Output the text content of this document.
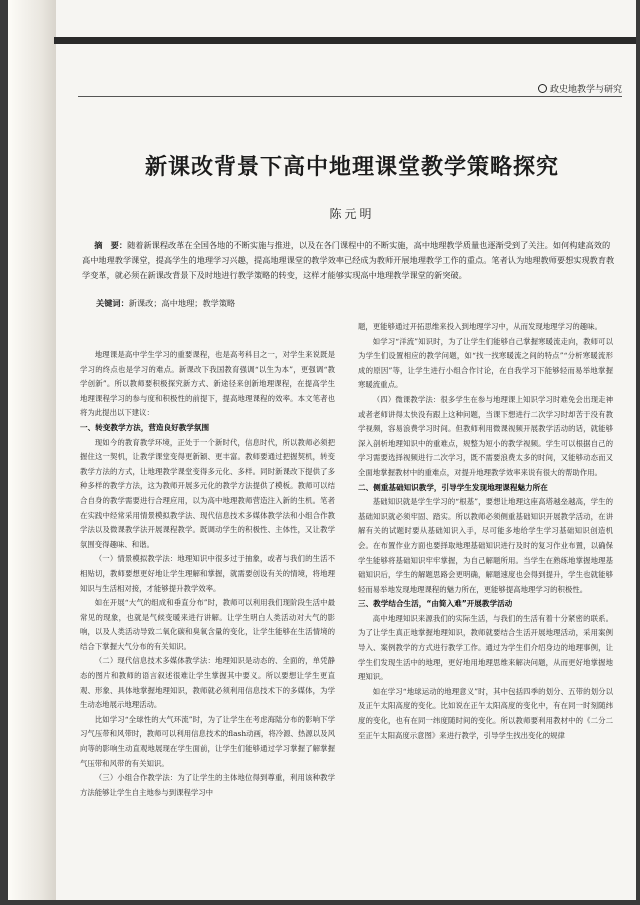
政史地教学与研究
新课改背景下高中地理课堂教学策略探究
陈元明
摘　要：随着新课程改革在全国各地的不断实施与推进，以及在各门课程中的不断实施，高中地理教学质量也逐渐受到了关注。如何构建高效的高中地理教学课堂，提高学生的地理学习兴趣，提高地理课堂的教学效率已经成为教师开展地理教学工作的重点。笔者认为地理教师要想实现教育教学变革，就必须在新课改背景下及时地进行教学策略的转变，这样才能够实现高中地理教学课堂的新突破。
关键词：新课改；高中地理；教学策略

地理课是高中学生学习的重要课程，也是高考科目之一，对学生来说既是学习的终点也是学习的难点。新课改下我国教育强调“以生为本”，更强调“教学创新”。所以教师要积极探究新方式、新途径来创新地理课程，在提高学生地理课程学习的参与度和积极性的前提下，提高地理课程的效率。本文笔者也将为此提出以下建议：

一、转变教学方法，营造良好教学氛围

现如今的教育教学环境，正处于一个新时代，信息时代，所以教师必须把握住这一契机，让教学课堂变得更新颖、更丰富。教师要通过把握契机，转变教学方法的方式，让地理教学课堂变得多元化、多样。同时新课改下提供了多种多样的教学方法，这为教师开展多元化的教学方法提供了模板。教师可以结合自身的教学需要进行合理应用，以为高中地理教师营造注入新的生机。笔者在实践中经常采用情景模拟教学法、现代信息技术多媒体教学法和小组合作教学法以及微课教学法开展课程教学。既调动学生的积极性、主体性，又让教学氛围变得趣味、和谐。

（一）情景模拟教学法：地理知识中很多过于抽象，或者与我们的生活不相贴切，教师要想更好地让学生理解和掌握，就需要创设有关的情境，将地理知识与生活相对接，才能够提升教学效率。

如在开展“大气的组成和垂直分布”时，教师可以利用我们现阶段生活中最常见的现象，也就是气候变暖来进行讲解。让学生明白人类活动对大气的影响，以及人类活动导致二氧化碳和臭氧含量的变化，让学生能够在生活情境的结合下掌握大气分布的有关知识。

（二）现代信息技术多媒体教学法：地理知识是动态的、全面的，单凭静态的图片和教师的语言叙述很难让学生掌握其中要义。所以要想让学生更直观、形象、具体地掌握地理知识，教师就必须利用信息技术下的多媒体，为学生动态地展示地理活动。

比如学习“全球性的大气环流”时，为了让学生在考虑海陆分布的影响下学习气压带和风带时，教师可以利用信息技术的flash动画，将冷源、热源以及风向等的影响生动直观地展现在学生面前，让学生们能够通过学习掌握了解掌握气压带和风带的有关知识。

（三）小组合作教学法：为了让学生的主体地位得到尊重，利用该种教学方法能够让学生自主地参与到课程学习中

题，更能够通过开拓思维来投入到地理学习中，从而发现地理学习的趣味。

如学习“洋流”知识时，为了让学生们能够自己掌握寒暖流走向，教师可以为学生们设置相应的教学问题，如“找一找寒暖流之间的特点”“分析寒暖流形成的原因”等，让学生进行小组合作讨论，在自我学习下能够轻而易举地掌握寒暖流重点。

（四）微课教学法：很多学生在参与地理课上知识学习时难免会出现走神或者老师讲得太快没有跟上这种问题，当课下想进行二次学习时却苦于没有教学视频，容易浪费学习时间。但教师利用微课视频开展教学活动的话，就能够深入剖析地理知识中的重难点，规整为短小的教学视频。学生可以根据自己的学习需要选择视频进行二次学习，既不需要浪费太多的时间，又能够动态而又全面地掌握教材中的重难点，对提升地理教学效率来说有很大的帮助作用。

二、侧重基础知识教学，引导学生发现地理课程魅力所在

基础知识就是学生学习的“根基”，要想让地理这座高塔越垒越高，学生的基础知识就必须牢固、踏实。所以教师必须侧重基础知识开展教学活动，在讲解有关的试题时要从基础知识入手，尽可能多地给学生学习基础知识创造机会。在布置作业方面也要择取地理基础知识进行及时的复习作业布置，以确保学生能够将基础知识牢牢掌握，为自己解题所用。当学生在熟练地掌握地理基础知识后，学生的解题思路会更明确，解题速度也会得到提升，学生也就能够轻而易举地发现地理课程的魅力所在，更能够提高地理学习的积极性。

三、教学结合生活，“由简入难”开展教学活动

高中地理知识来源我们的实际生活，与我们的生活有着十分紧密的联系。为了让学生真正地掌握地理知识，教师就要结合生活开展地理活动，采用案例导入、案例教学的方式进行教学工作。通过为学生们介绍身边的地理事例，让学生们发现生活中的地理，更好地用地理思维来解决问题，从而更好地掌握地理知识。

如在学习“地球运动的地理意义”时，其中包括四季的划分、五带的划分以及正午太阳高度的变化。比如说在正午太阳高度的变化中，有在同一时刻随纬度的变化，也有在同一纬度随时间的变化。所以教师要利用教材中的《二分二至正午太阳高度示意图》来进行教学，引导学生找出变化的规律
